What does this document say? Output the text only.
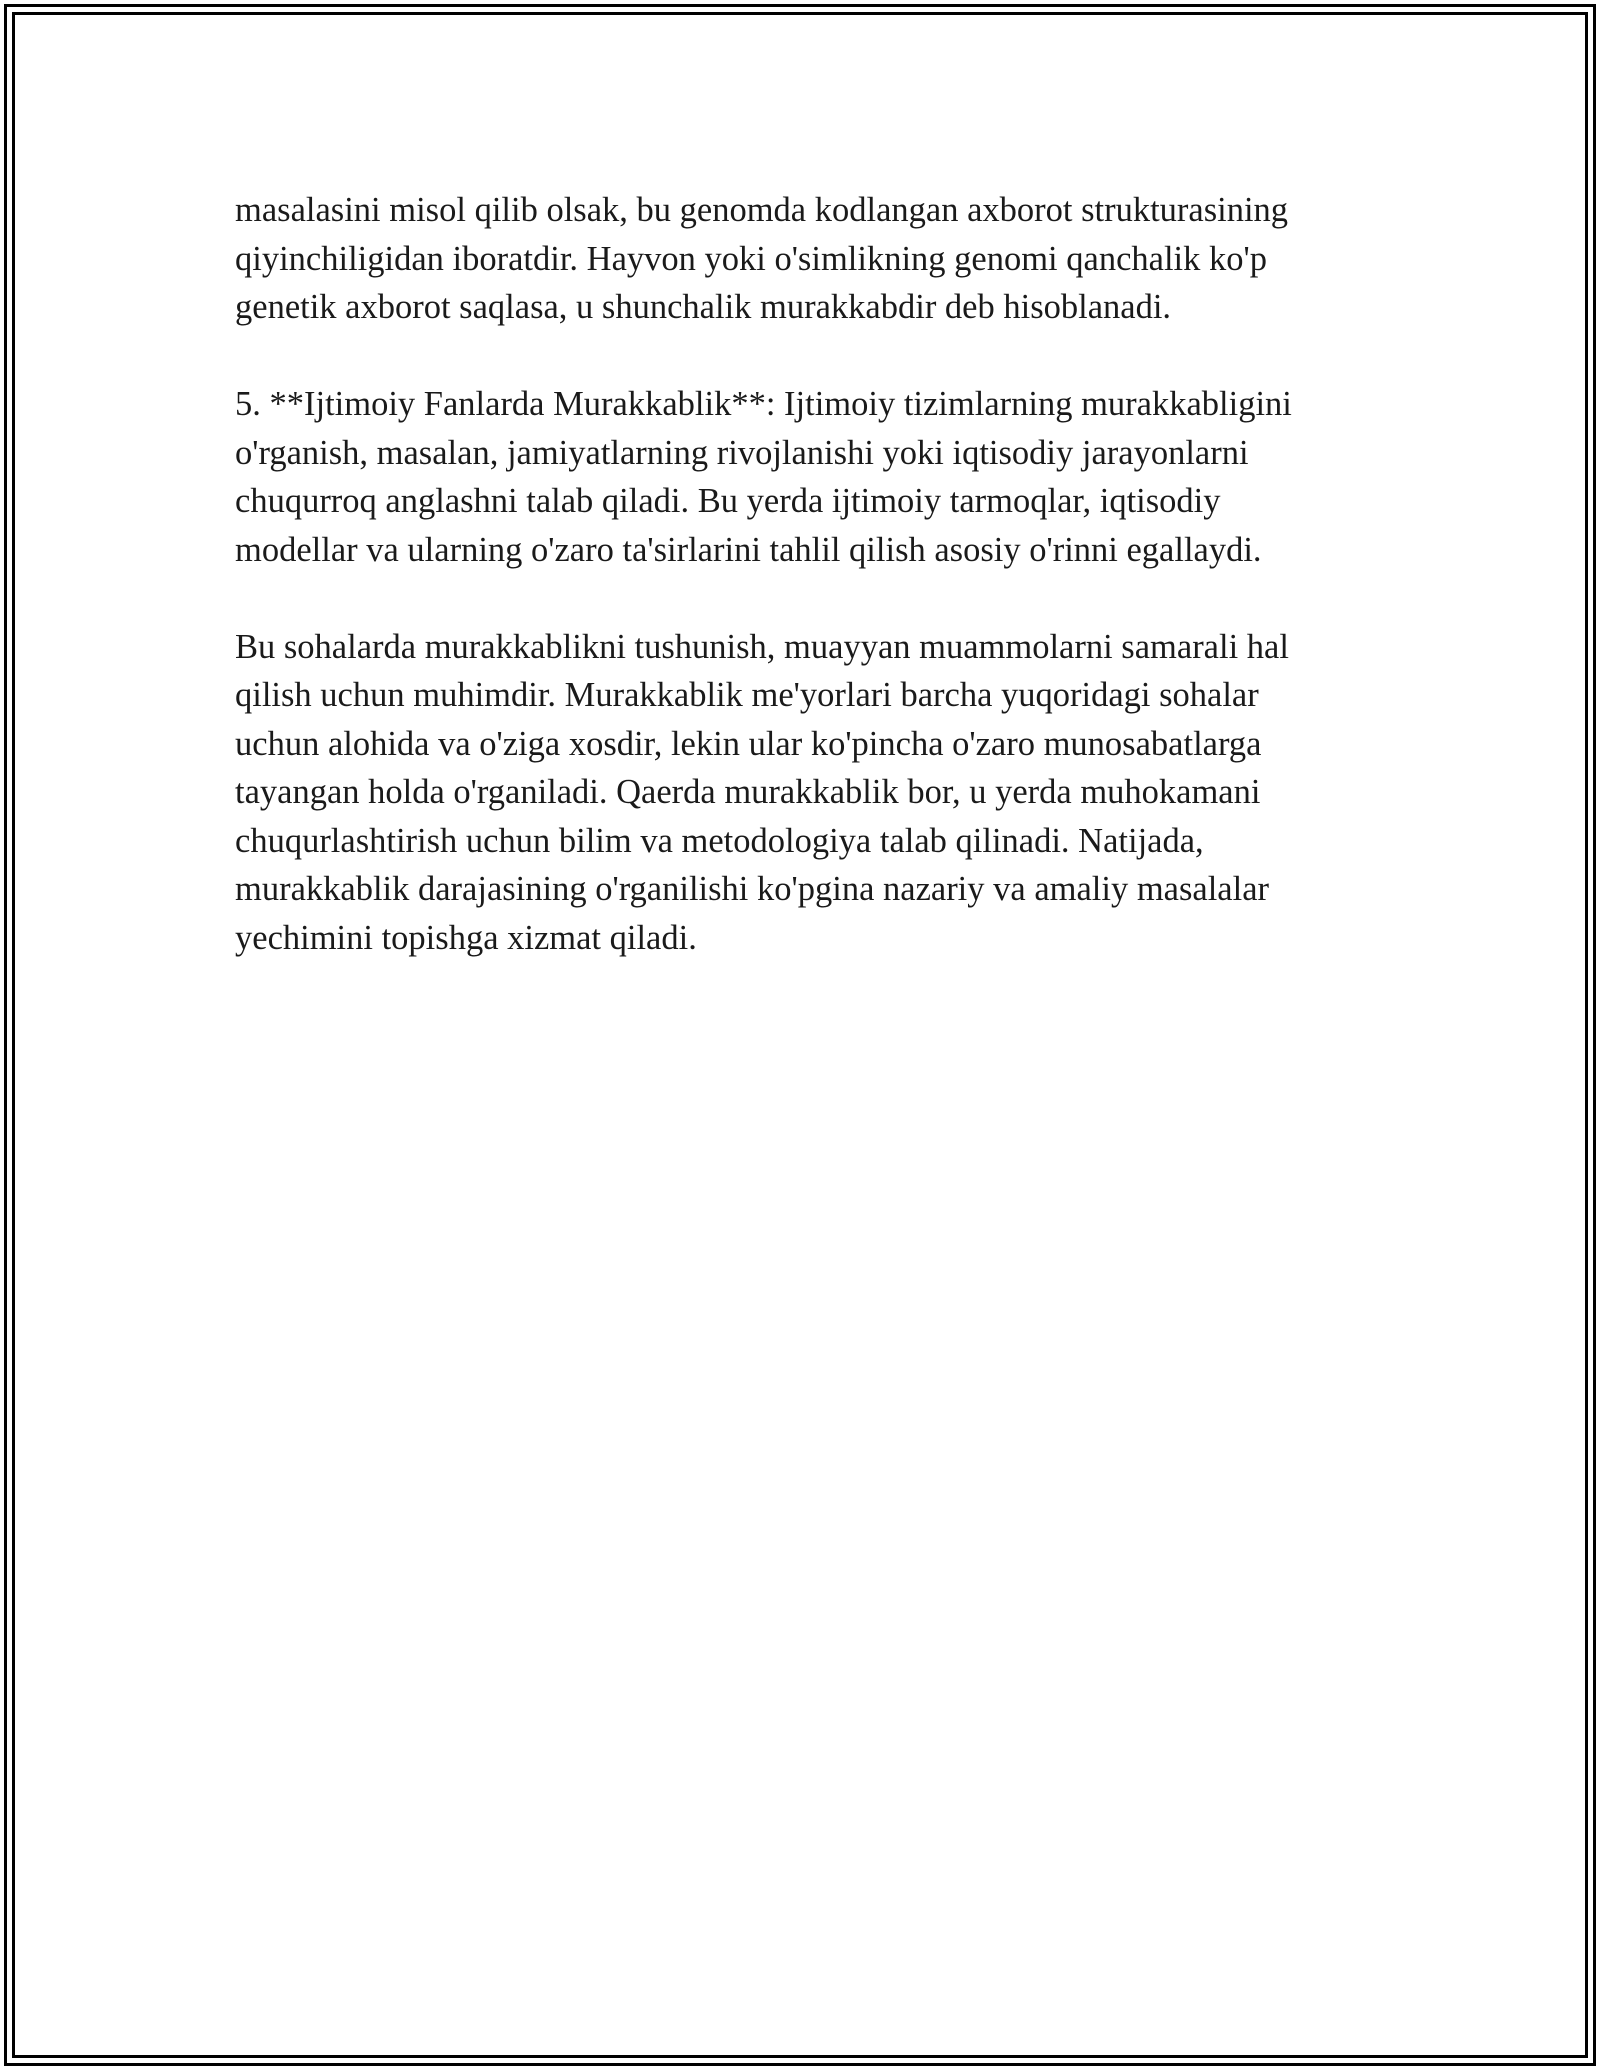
masalasini misol qilib olsak, bu genomda kodlangan axborot strukturasining
qiyinchiligidan iboratdir. Hayvon yoki o'simlikning genomi qanchalik ko'p
genetik axborot saqlasa, u shunchalik murakkabdir deb hisoblanadi.

5. **Ijtimoiy Fanlarda Murakkablik**: Ijtimoiy tizimlarning murakkabligini
o'rganish, masalan, jamiyatlarning rivojlanishi yoki iqtisodiy jarayonlarni
chuqurroq anglashni talab qiladi. Bu yerda ijtimoiy tarmoqlar, iqtisodiy
modellar va ularning o'zaro ta'sirlarini tahlil qilish asosiy o'rinni egallaydi.

Bu sohalarda murakkablikni tushunish, muayyan muammolarni samarali hal
qilish uchun muhimdir. Murakkablik me'yorlari barcha yuqoridagi sohalar
uchun alohida va o'ziga xosdir, lekin ular ko'pincha o'zaro munosabatlarga
tayangan holda o'rganiladi. Qaerda murakkablik bor, u yerda muhokamani
chuqurlashtirish uchun bilim va metodologiya talab qilinadi. Natijada,
murakkablik darajasining o'rganilishi ko'pgina nazariy va amaliy masalalar
yechimini topishga xizmat qiladi.
